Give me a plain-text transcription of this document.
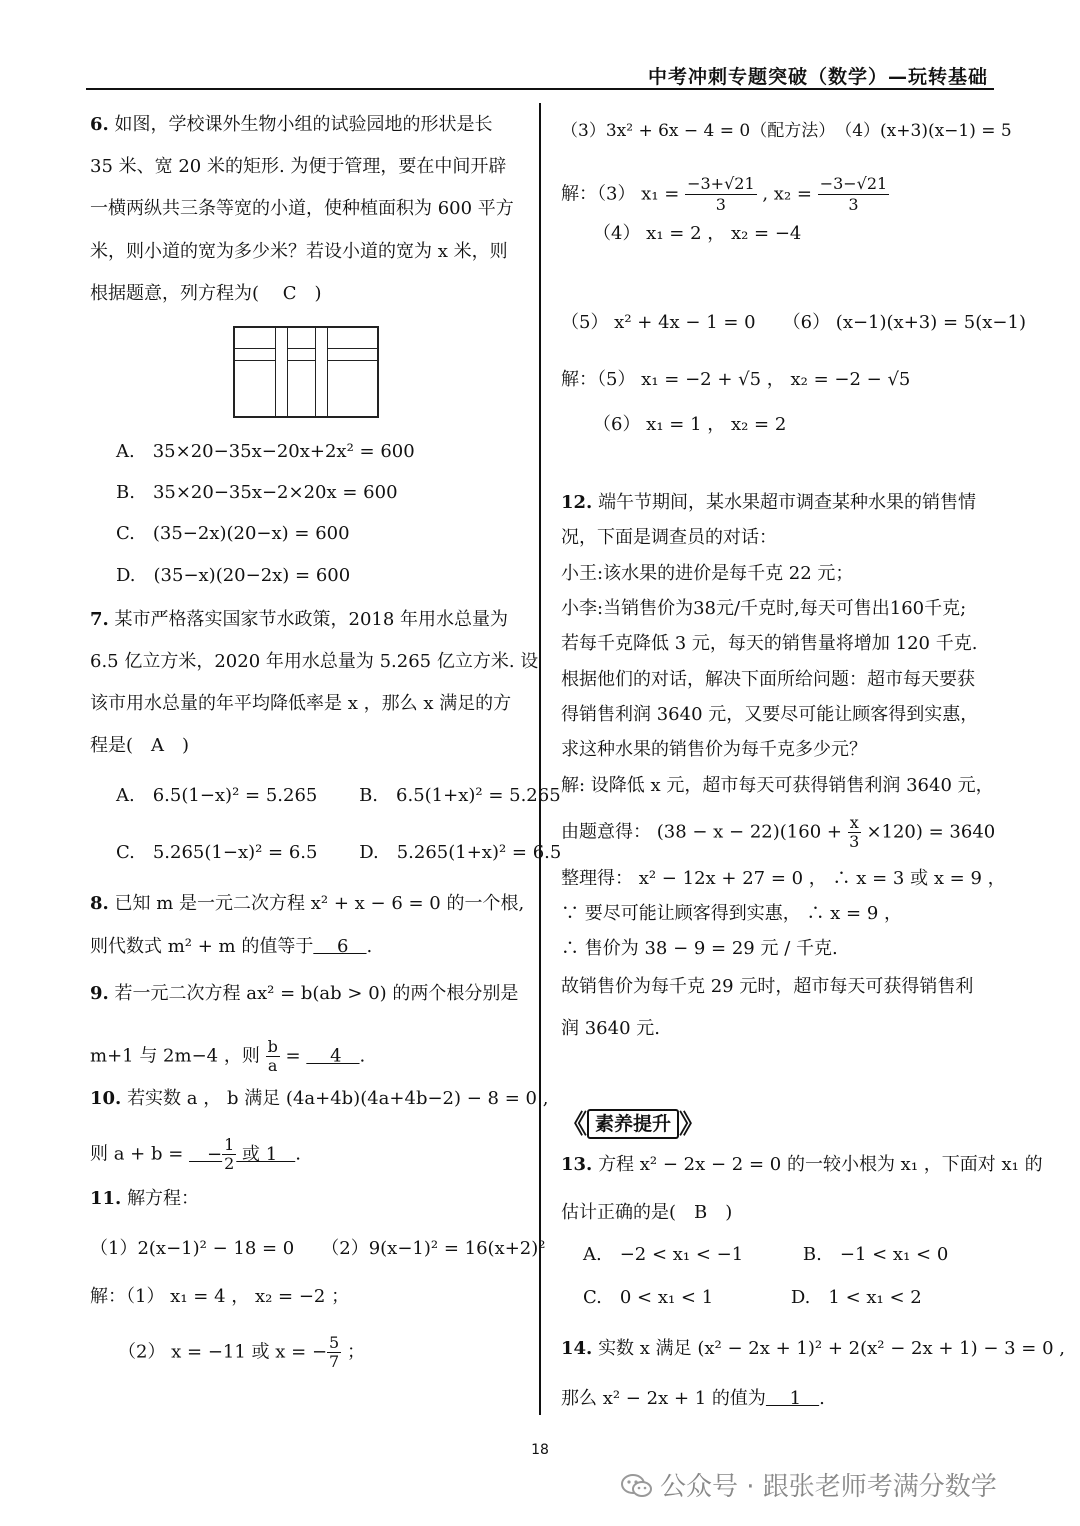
中考冲刺专题突破（数学）—玩转基础
6. 如图，学校课外生物小组的试验园地的形状是长
35 米、宽 20 米的矩形. 为便于管理，要在中间开辟
一横两纵共三条等宽的小道，使种植面积为 600 平方
米，则小道的宽为多少米？若设小道的宽为 x 米，则
根据题意，列方程为(　 C　)
A.　35×20−35x−20x+2x² = 600
B.　35×20−35x−2×20x = 600
C.　(35−2x)(20−x) = 600
D.　(35−x)(20−2x) = 600
7. 某市严格落实国家节水政策，2018 年用水总量为
6.5 亿立方米，2020 年用水总量为 5.265 亿立方米. 设
该市用水总量的年平均降低率是 x ，那么 x 满足的方
程是(　A　)
A.　6.5(1−x)² = 5.265　　 B.　6.5(1+x)² = 5.265
C.　5.265(1−x)² = 6.5　　 D.　5.265(1+x)² = 6.5
8. 已知 m 是一元二次方程 x² + x − 6 = 0 的一个根,
则代数式 m² + m 的值等于　 6　.
9. 若一元二次方程 ax² = b(ab > 0) 的两个根分别是
m+1 与 2m−4 ，则 $\frac{b}{a}$ = 　 4　.
10. 若实数 a ， b 满足 (4a+4b)(4a+4b−2) − 8 = 0 ,
则 a + b = 　− $\frac{1}{2}$ 或 1　.
11. 解方程：
（1）2(x−1)² − 18 = 0　　（2）9(x−1)² = 16(x+2)²
解：（1） x₁ = 4 ， x₂ = −2 ；
（2） x = −11 或 x = − $\frac{5}{7}$ ；
（3）3x² + 6x − 4 = 0（配方法）　（4）(x+3)(x−1) = 5
解：（3） $x_1 = \frac{-3+√21}{3}$ , $x_2 = \frac{-3-√21}{3}$
（4） x₁ = 2 ， x₂ = −4
（5） x² + 4x − 1 = 0　　（6） (x−1)(x+3) = 5(x−1)
解：（5） x₁ = −2 + √5 ， x₂ = −2 − √5
（6） x₁ = 1 ， x₂ = 2
12. 端午节期间，某水果超市调查某种水果的销售情
况，下面是调查员的对话：
小王:该水果的进价是每千克 22 元；
小李:当销售价为38元/千克时,每天可售出160千克;
若每千克降低 3 元，每天的销售量将增加 120 千克.
根据他们的对话，解决下面所给问题：超市每天要获
得销售利润 3640 元，又要尽可能让顾客得到实惠，
求这种水果的销售价为每千克多少元？
解: 设降低 x 元，超市每天可获得销售利润 3640 元，
由题意得： $(38 - x - 22)(160 + \frac{x}{3} \times 120) = 3640$
整理得： x² − 12x + 27 = 0 ， ∴ x = 3 或 x = 9 ，
∵ 要尽可能让顾客得到实惠， ∴ x = 9 ，
∴ 售价为 38 − 9 = 29 元 / 千克.
故销售价为每千克 29 元时，超市每天可获得销售利
润 3640 元.
《 素养提升 》
13. 方程 x² − 2x − 2 = 0 的一较小根为 x₁ ，下面对 x₁ 的
估计正确的是(　B　)
A.　−2 < x₁ < −1　　　 B.　−1 < x₁ < 0
C.　0 < x₁ < 1　　　　 D.　1 < x₁ < 2
14. 实数 x 满足 (x² − 2x + 1)² + 2(x² − 2x + 1) − 3 = 0 ,
那么 x² − 2x + 1 的值为　 1　.
18
公众号 · 跟张老师考满分数学
